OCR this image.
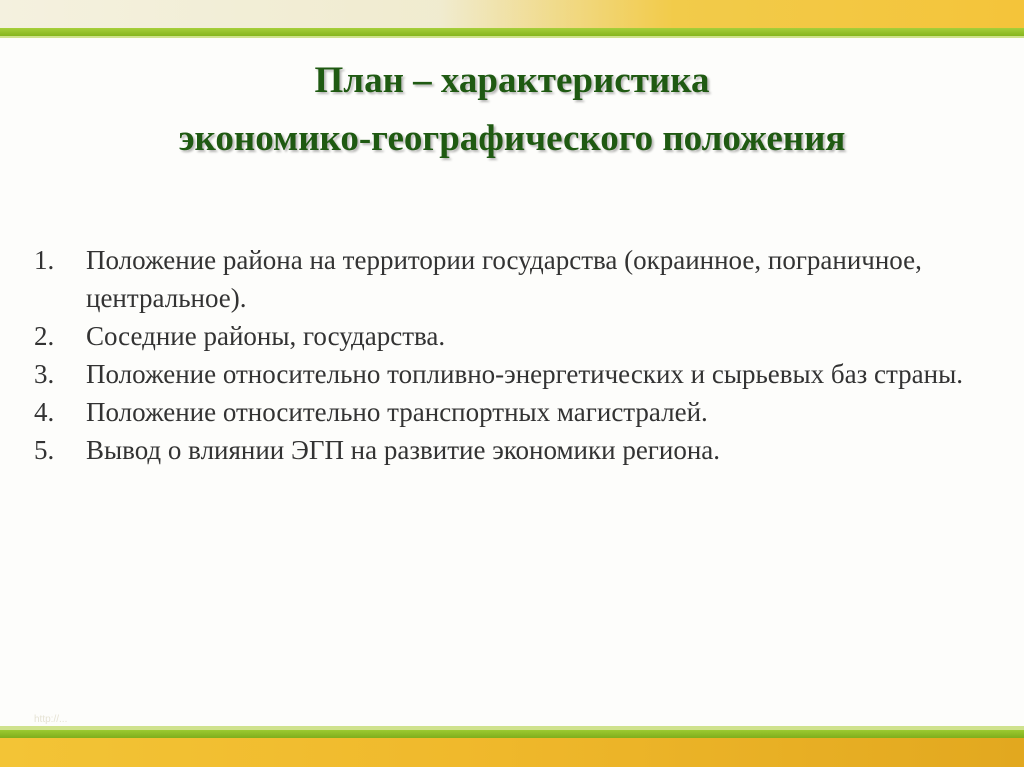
План – характеристика
экономико-географического положения
1.	Положение района на территории государства (окраинное, пограничное, центральное).
2.	Соседние районы, государства.
3.	Положение относительно топливно-энергетических и сырьевых баз страны.
4.	Положение относительно транспортных магистралей.
5.	Вывод о влиянии ЭГП на развитие экономики региона.
http://...
